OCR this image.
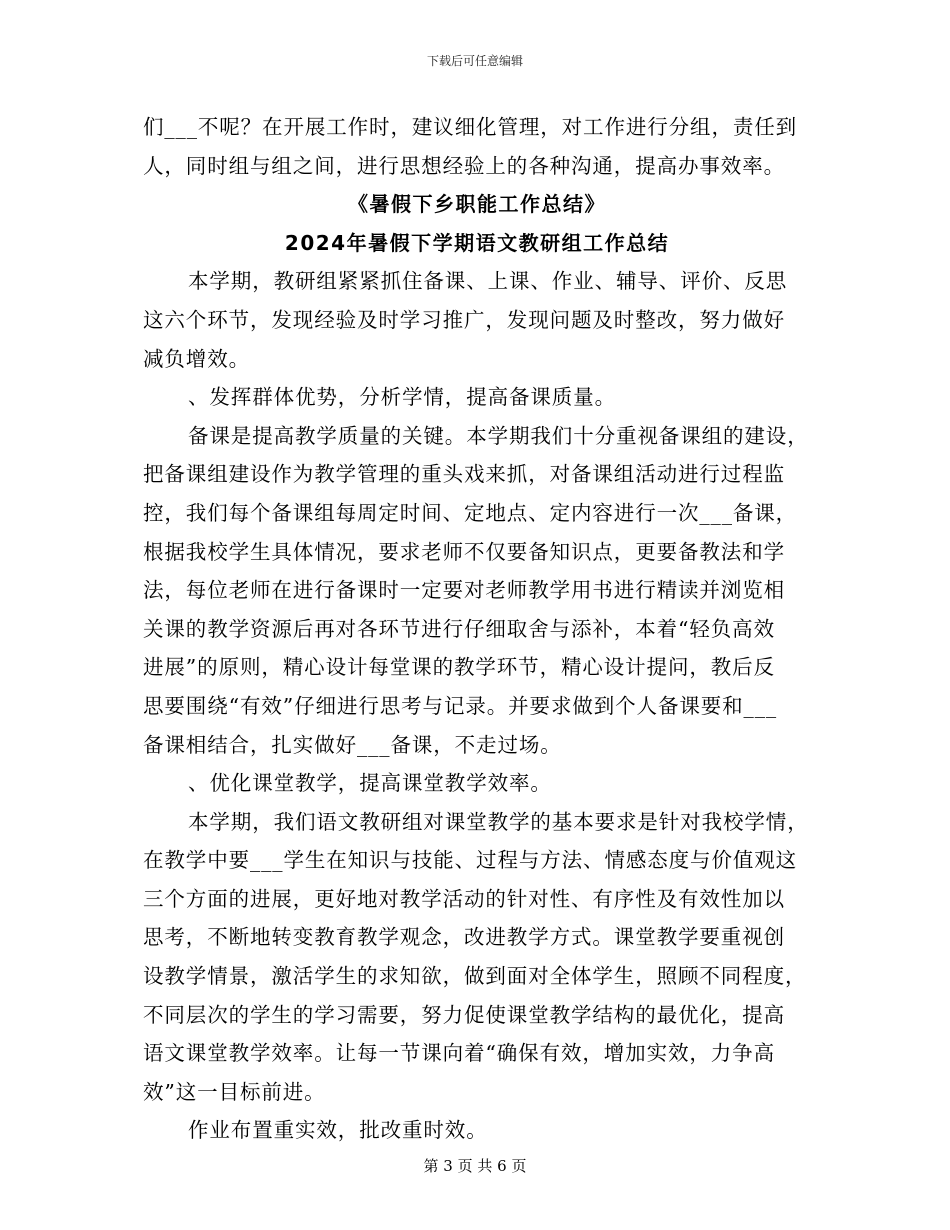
下载后可任意编辑
们___不呢？在开展工作时，建议细化管理，对工作进行分组，责任到
人，同时组与组之间，进行思想经验上的各种沟通，提高办事效率。
《暑假下乡职能工作总结》
2024年暑假下学期语文教研组工作总结
本学期，教研组紧紧抓住备课、上课、作业、辅导、评价、反思
这六个环节，发现经验及时学习推广，发现问题及时整改，努力做好
减负增效。
、发挥群体优势，分析学情，提高备课质量。
备课是提高教学质量的关键。本学期我们十分重视备课组的建设，
把备课组建设作为教学管理的重头戏来抓，对备课组活动进行过程监
控，我们每个备课组每周定时间、定地点、定内容进行一次___备课，
根据我校学生具体情况，要求老师不仅要备知识点，更要备教法和学
法，每位老师在进行备课时一定要对老师教学用书进行精读并浏览相
关课的教学资源后再对各环节进行仔细取舍与添补，本着“轻负高效
进展”的原则，精心设计每堂课的教学环节，精心设计提问，教后反
思要围绕“有效”仔细进行思考与记录。并要求做到个人备课要和___
备课相结合，扎实做好___备课，不走过场。
、优化课堂教学，提高课堂教学效率。
本学期，我们语文教研组对课堂教学的基本要求是针对我校学情，
在教学中要___学生在知识与技能、过程与方法、情感态度与价值观这
三个方面的进展，更好地对教学活动的针对性、有序性及有效性加以
思考，不断地转变教育教学观念，改进教学方式。课堂教学要重视创
设教学情景，激活学生的求知欲，做到面对全体学生，照顾不同程度，
不同层次的学生的学习需要，努力促使课堂教学结构的最优化，提高
语文课堂教学效率。让每一节课向着“确保有效，增加实效，力争高
效”这一目标前进。
作业布置重实效，批改重时效。
第 3 页 共 6 页
